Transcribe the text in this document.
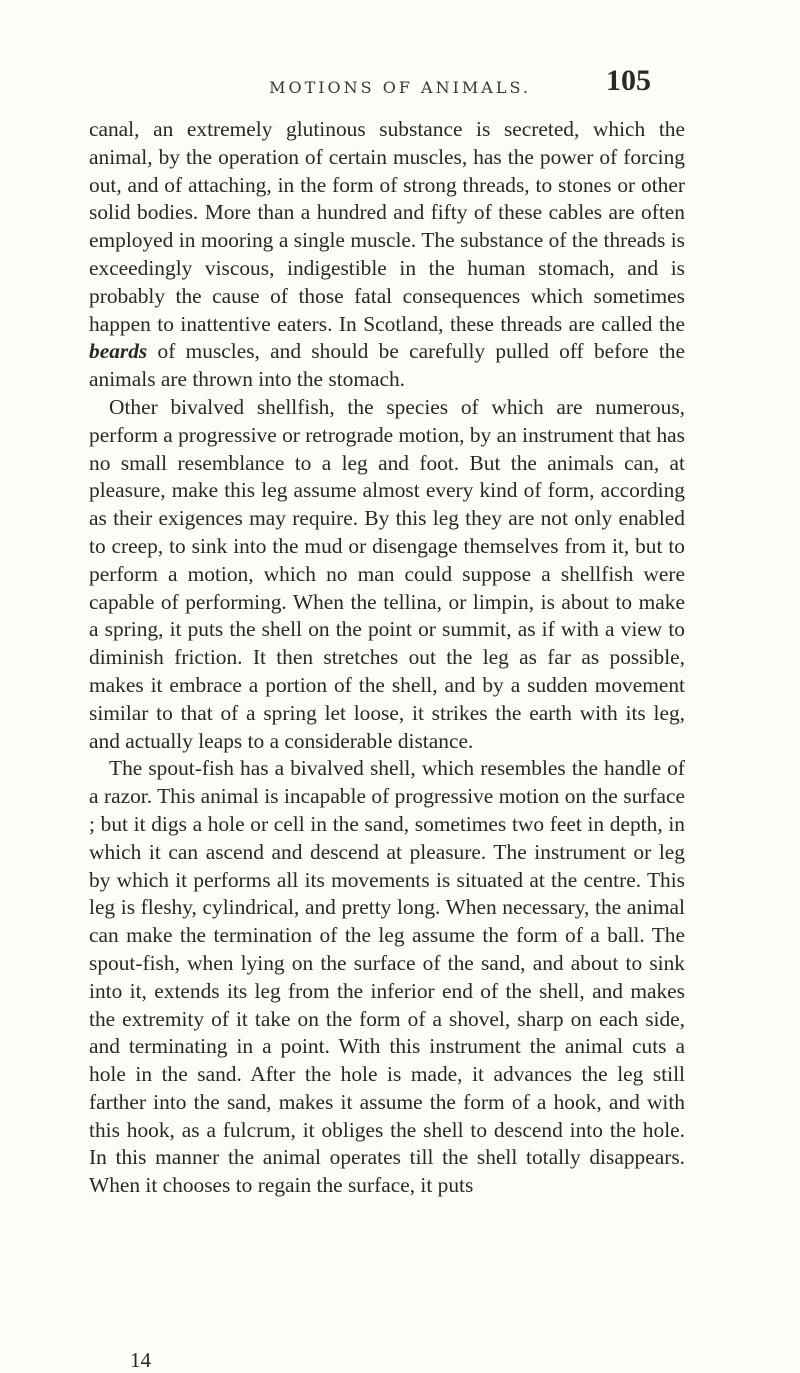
MOTIONS OF ANIMALS.	105

canal, an extremely glutinous substance is secreted, which the animal, by the operation of certain muscles, has the power of forcing out, and of attaching, in the form of strong threads, to stones or other solid bodies. More than a hundred and fifty of these cables are often employed in mooring a single muscle. The substance of the threads is exceedingly viscous, indigestible in the human stomach, and is probably the cause of those fatal consequences which sometimes happen to inattentive eaters. In Scotland, these threads are called the beards of muscles, and should be carefully pulled off before the animals are thrown into the stomach.

Other bivalved shellfish, the species of which are numerous, perform a progressive or retrograde motion, by an instrument that has no small resemblance to a leg and foot. But the animals can, at pleasure, make this leg assume almost every kind of form, according as their exigences may require. By this leg they are not only enabled to creep, to sink into the mud or disengage themselves from it, but to perform a motion, which no man could suppose a shellfish were capable of performing. When the tellina, or limpin, is about to make a spring, it puts the shell on the point or summit, as if with a view to diminish friction. It then stretches out the leg as far as possible, makes it embrace a portion of the shell, and by a sudden movement similar to that of a spring let loose, it strikes the earth with its leg, and actually leaps to a considerable distance.

The spout-fish has a bivalved shell, which resembles the handle of a razor. This animal is incapable of progressive motion on the surface ; but it digs a hole or cell in the sand, sometimes two feet in depth, in which it can ascend and descend at pleasure. The instrument or leg by which it performs all its movements is situated at the centre. This leg is fleshy, cylindrical, and pretty long. When necessary, the animal can make the termination of the leg assume the form of a ball. The spout-fish, when lying on the surface of the sand, and about to sink into it, extends its leg from the inferior end of the shell, and makes the extremity of it take on the form of a shovel, sharp on each side, and terminating in a point. With this instrument the animal cuts a hole in the sand. After the hole is made, it advances the leg still farther into the sand, makes it assume the form of a hook, and with this hook, as a fulcrum, it obliges the shell to descend into the hole. In this manner the animal operates till the shell totally disappears. When it chooses to regain the surface, it puts

14
